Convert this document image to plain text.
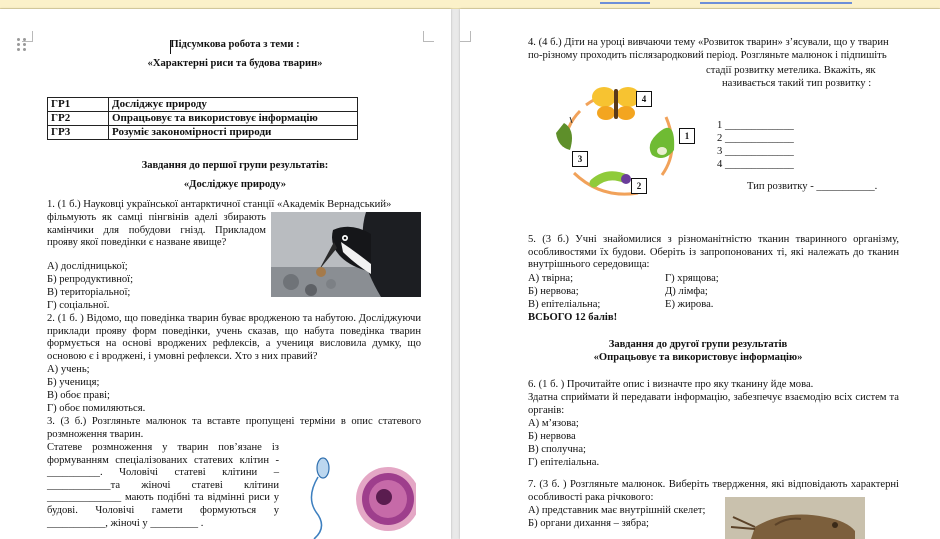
Підсумкова робота з теми :

«Характерні риси та будова тварин»

ГР1	Досліджує природу
ГР2	Опрацьовує та використовує інформацію
ГР3	Розуміє закономірності природи

Завдання до першої групи результатів:

«Досліджує природу»

1. (1 б.) Науковці української антарктичної станції «Академік Вернадський»

фільмують як самці пінгвінів аделі збирають камінчики для побудови гнізд. Прикладом прояву якої поведінки є назване явище?

А) дослідницької;

Б) репродуктивної;

В) територіальної;

Г) соціальної.

2. (1 б. ) Відомо, що поведінка тварин буває вродженою та набутою. Досліджуючи приклади прояву форм поведінки, учень сказав, що набута поведінка тварин формується на основі вроджених рефлексів, а учениця висловила думку, що основою є і вроджені, і умовні рефлекси. Хто з них правий?

А) учень;

Б) учениця;

В) обоє праві;

Г) обоє помиляються.

3. (3 б.) Розгляньте малюнок та вставте пропущені терміни в опис статевого розмноження тварин.

Статеве розмноження у тварин пов’язане із формуванням спеціалізованих статевих клітин - __________. Чоловічі статеві клітини – ____________та жіночі статеві клітини ______________ мають подібні та відмінні риси у будові. Чоловічі гамети формуються у ___________, жіночі у _________ .

4. (4 б.) Діти на уроці вивчаючи тему «Розвиток тварин» з’ясували, що у тварин

по-різному проходить післязародковий період. Розгляньте малюнок і підпишіть

стадії розвитку метелика. Вкажіть, як

називається такий тип розвитку :

4
1
2
3

1 _____________

2 _____________

3 _____________

4 _____________

Тип розвитку - ___________.

5. (3 б.) Учні знайомилися з різноманітністю тканин тваринного організму, особливостями їх будови. Оберіть із запропонованих ті, які належать до тканин внутрішнього середовища:

А) твірна;

Б) нервова;

В) епітеліальна;

Г) хрящова;

Д) лімфа;

Е) жирова.

ВСЬОГО 12 балів!

Завдання до другої групи результатів

«Опрацьовує та використовує інформацію»

6. (1 б. ) Прочитайте опис і визначте про яку тканину йде мова.

Здатна сприймати й передавати інформацію, забезпечує взаємодію всіх систем та органів:

А) м’язова;

Б) нервова

В) сполучна;

Г) епітеліальна.

7. (3 б. ) Розгляньте малюнок. Виберіть твердження, які відповідають характерні особливості рака річкового:

А) представник має внутрішній скелет;

Б) органи дихання – зябра;
